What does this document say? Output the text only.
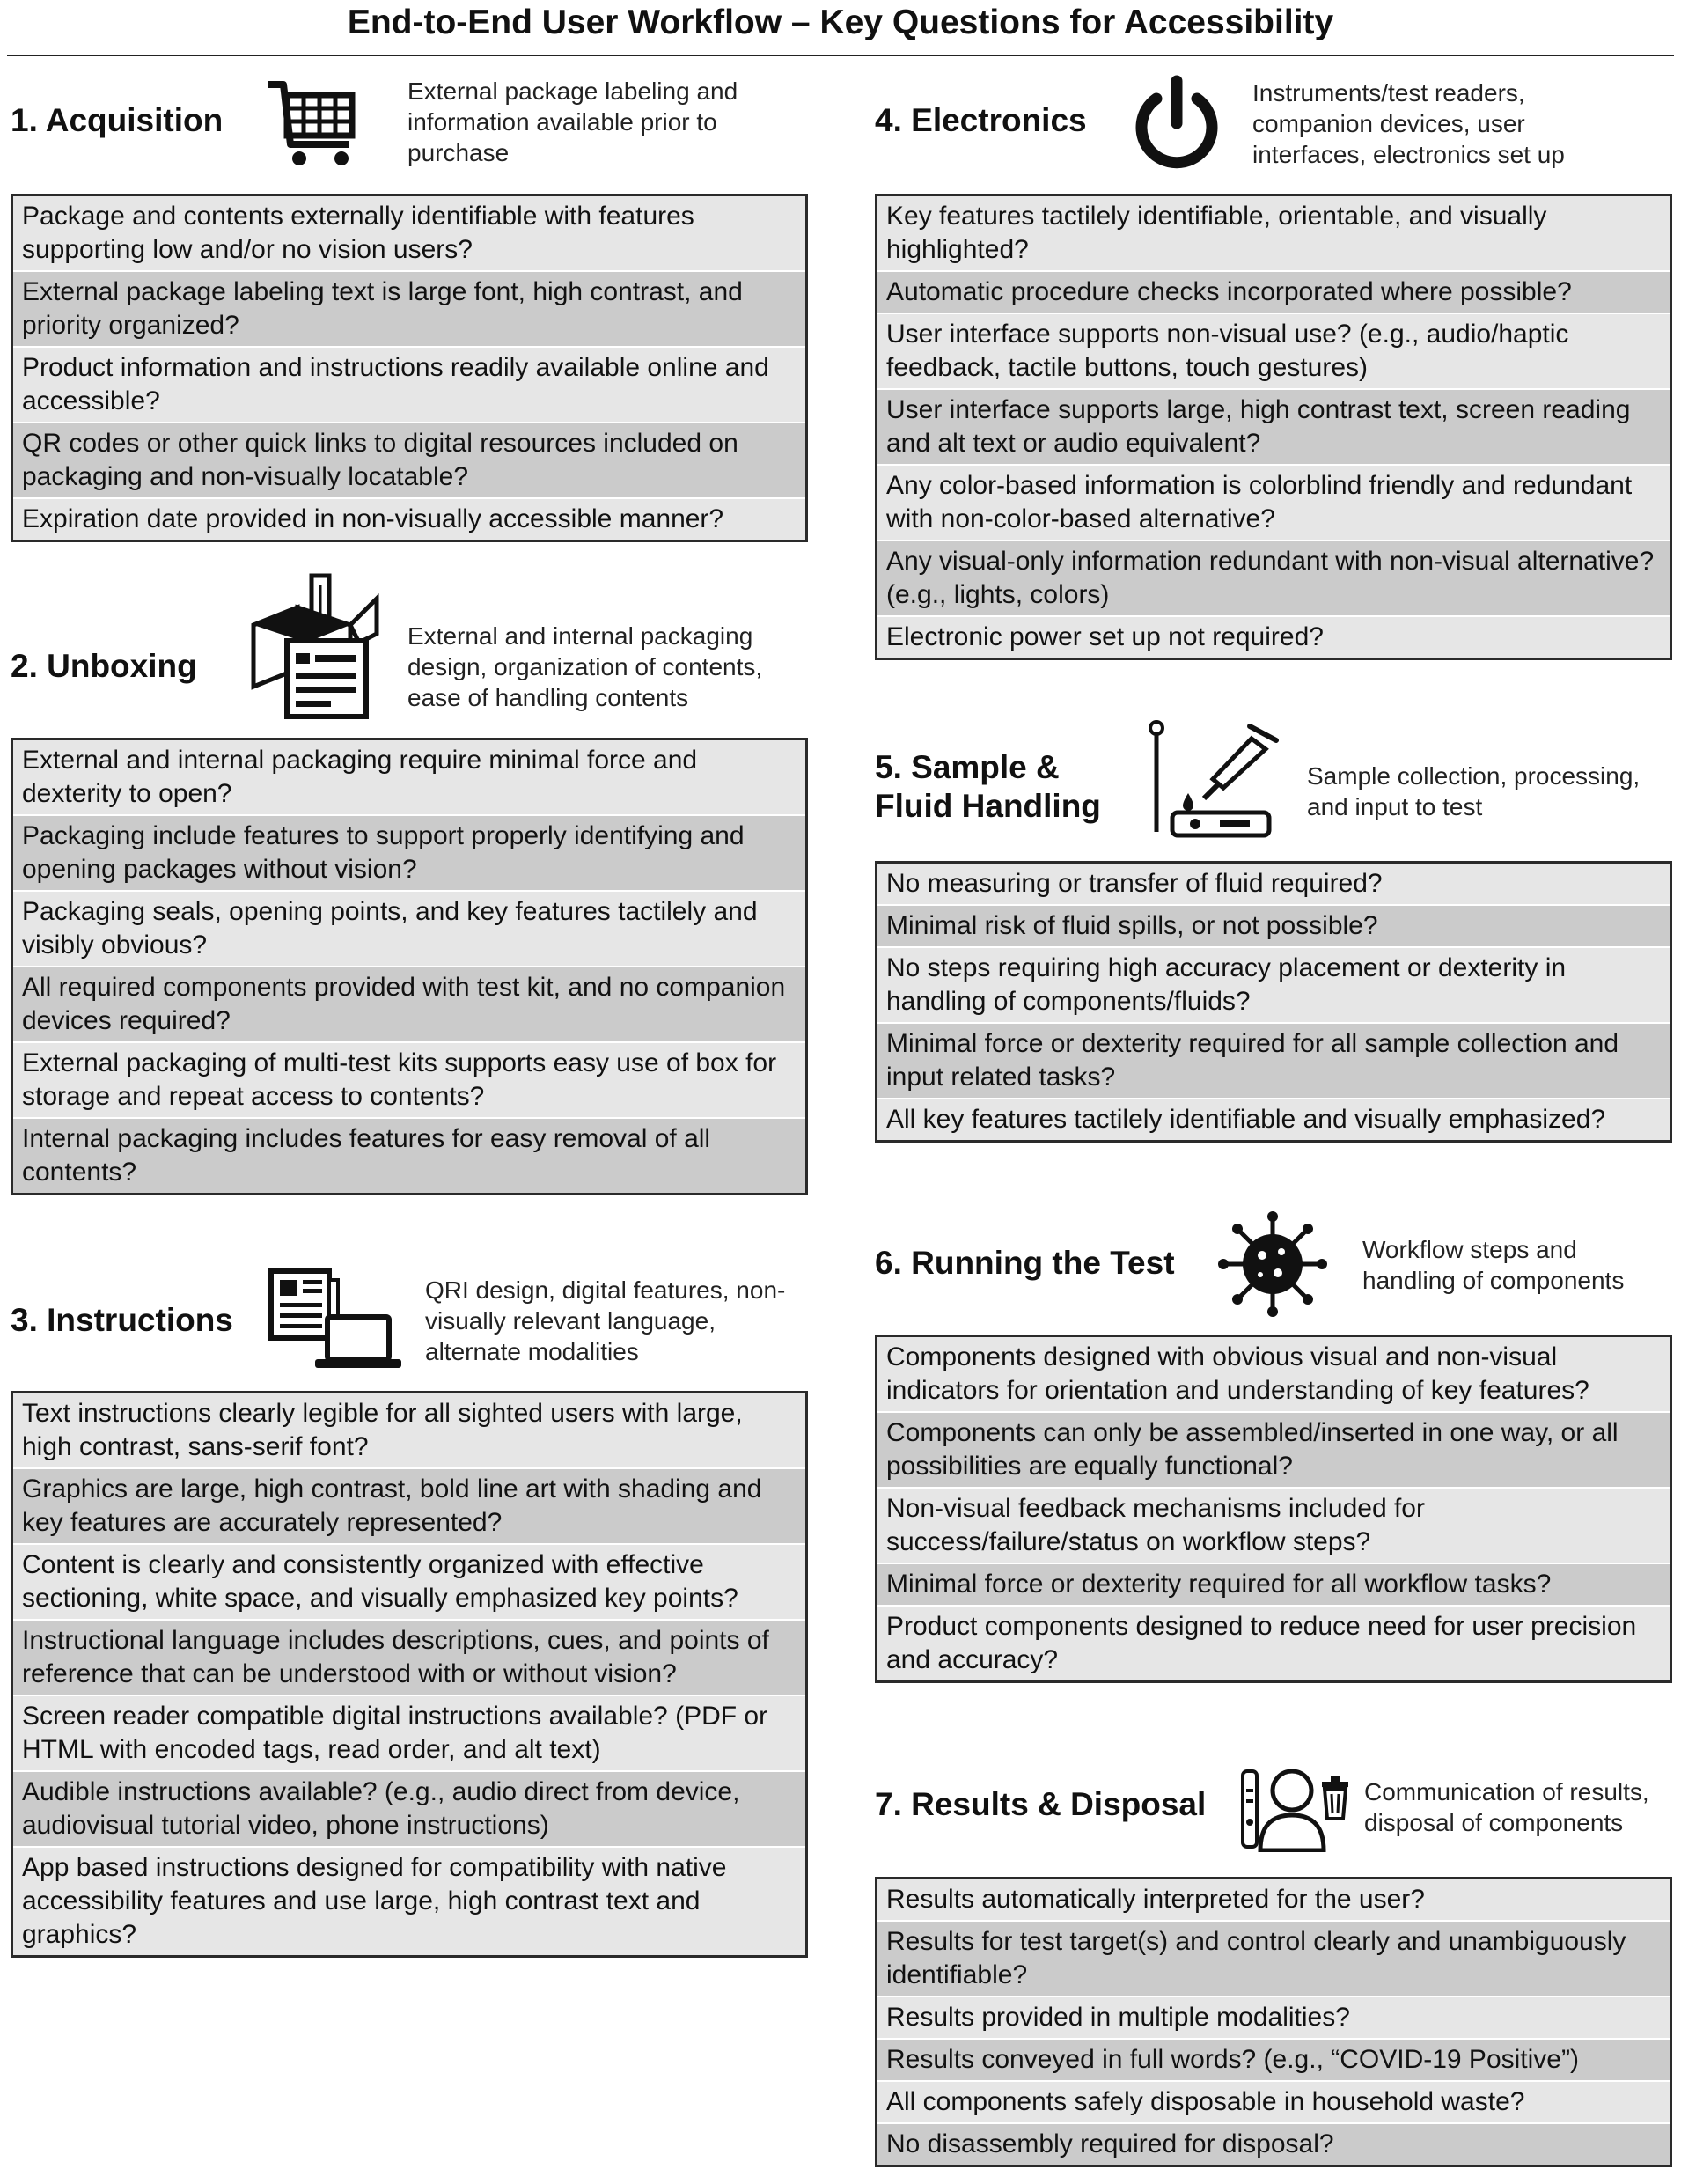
End-to-End User Workflow – Key Questions for Accessibility
1. Acquisition
External package labeling and information available prior to purchase
Package and contents externally identifiable with features supporting low and/or no vision users?
External package labeling text is large font, high contrast, and priority organized?
Product information and instructions readily available online and accessible?
QR codes or other quick links to digital resources included on packaging and non-visually locatable?
Expiration date provided in non-visually accessible manner?
2. Unboxing
External and internal packaging design, organization of contents, ease of handling contents
External and internal packaging require minimal force and dexterity to open?
Packaging include features to support properly identifying and opening packages without vision?
Packaging seals, opening points, and key features tactilely and visibly obvious?
All required components provided with test kit, and no companion devices required?
External packaging of multi-test kits supports easy use of box for storage and repeat access to contents?
Internal packaging includes features for easy removal of all contents?
3. Instructions
QRI design, digital features, non-visually relevant language, alternate modalities
Text instructions clearly legible for all sighted users with large, high contrast, sans-serif font?
Graphics are large, high contrast, bold line art with shading and key features are accurately represented?
Content is clearly and consistently organized with effective sectioning, white space, and visually emphasized key points?
Instructional language includes descriptions, cues, and points of reference that can be understood with or without vision?
Screen reader compatible digital instructions available? (PDF or HTML with encoded tags, read order, and alt text)
Audible instructions available? (e.g., audio direct from device, audiovisual tutorial video, phone instructions)
App based instructions designed for compatibility with native accessibility features and use large, high contrast text and graphics?
4. Electronics
Instruments/test readers, companion devices, user interfaces, electronics set up
Key features tactilely identifiable, orientable, and visually highlighted?
Automatic procedure checks incorporated where possible?
User interface supports non-visual use? (e.g., audio/haptic feedback, tactile buttons, touch gestures)
User interface supports large, high contrast text, screen reading and alt text or audio equivalent?
Any color-based information is colorblind friendly and redundant with non-color-based alternative?
Any visual-only information redundant with non-visual alternative? (e.g., lights, colors)
Electronic power set up not required?
5. Sample & Fluid Handling
Sample collection, processing, and input to test
No measuring or transfer of fluid required?
Minimal risk of fluid spills, or not possible?
No steps requiring high accuracy placement or dexterity in handling of components/fluids?
Minimal force or dexterity required for all sample collection and input related tasks?
All key features tactilely identifiable and visually emphasized?
6. Running the Test	Workflow steps and handling of components
Components designed with obvious visual and non-visual indicators for orientation and understanding of key features?
Components can only be assembled/inserted in one way, or all possibilities are equally functional?
Non-visual feedback mechanisms included for success/failure/status on workflow steps?
Minimal force or dexterity required for all workflow tasks?
Product components designed to reduce need for user precision and accuracy?
7. Results & Disposal	Communication of results, disposal of components
Results automatically interpreted for the user?
Results for test target(s) and control clearly and unambiguously identifiable?
Results provided in multiple modalities?
Results conveyed in full words? (e.g., “COVID-19 Positive”)
All components safely disposable in household waste?
No disassembly required for disposal?
